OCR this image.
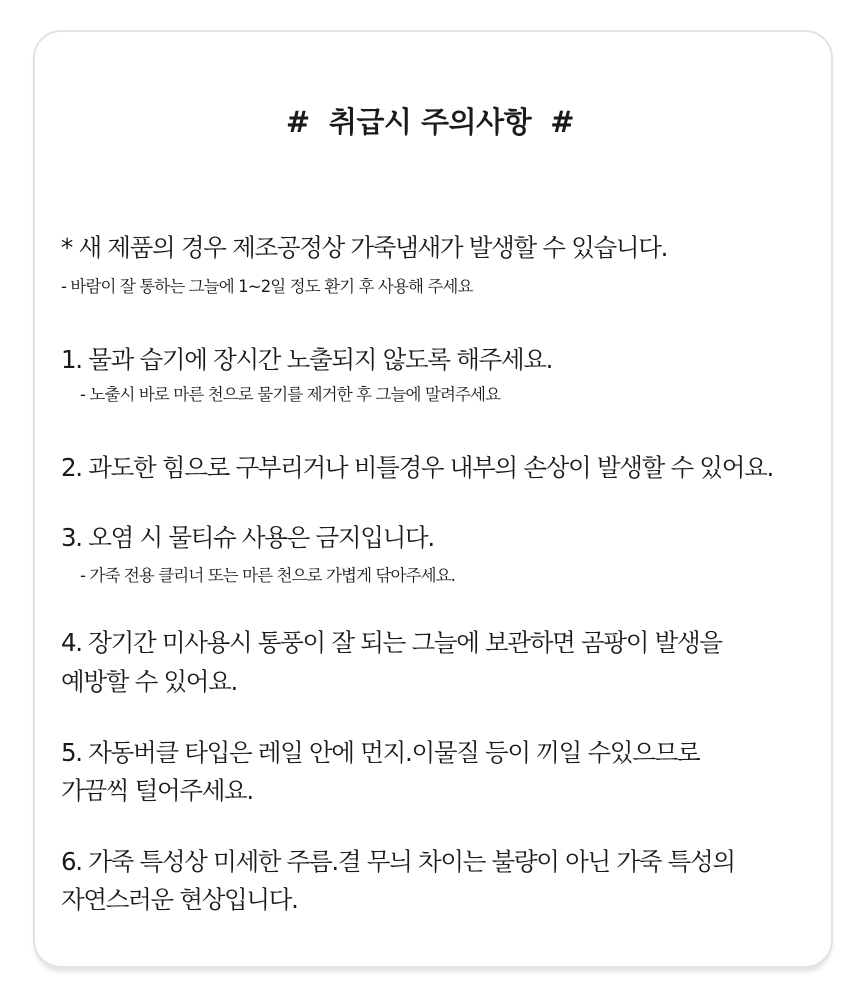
#  취급시 주의사항  #
* 새 제품의 경우 제조공정상 가죽냄새가 발생할 수 있습니다.
- 바람이 잘 통하는 그늘에 1~2일 정도 환기 후 사용해 주세요
1. 물과 습기에 장시간 노출되지 않도록 해주세요.
- 노출시 바로 마른 천으로 물기를 제거한 후 그늘에 말려주세요
2. 과도한 힘으로 구부리거나 비틀경우 내부의 손상이 발생할 수 있어요.
3. 오염 시 물티슈 사용은 금지입니다.
- 가죽 전용 클리너 또는 마른 천으로 가볍게 닦아주세요.
4. 장기간 미사용시 통풍이 잘 되는 그늘에 보관하면 곰팡이 발생을
예방할 수 있어요.
5. 자동버클 타입은 레일 안에 먼지.이물질 등이 끼일 수있으므로
가끔씩 털어주세요.
6. 가죽 특성상 미세한 주름.결 무늬 차이는 불량이 아닌 가죽 특성의
자연스러운 현상입니다.
